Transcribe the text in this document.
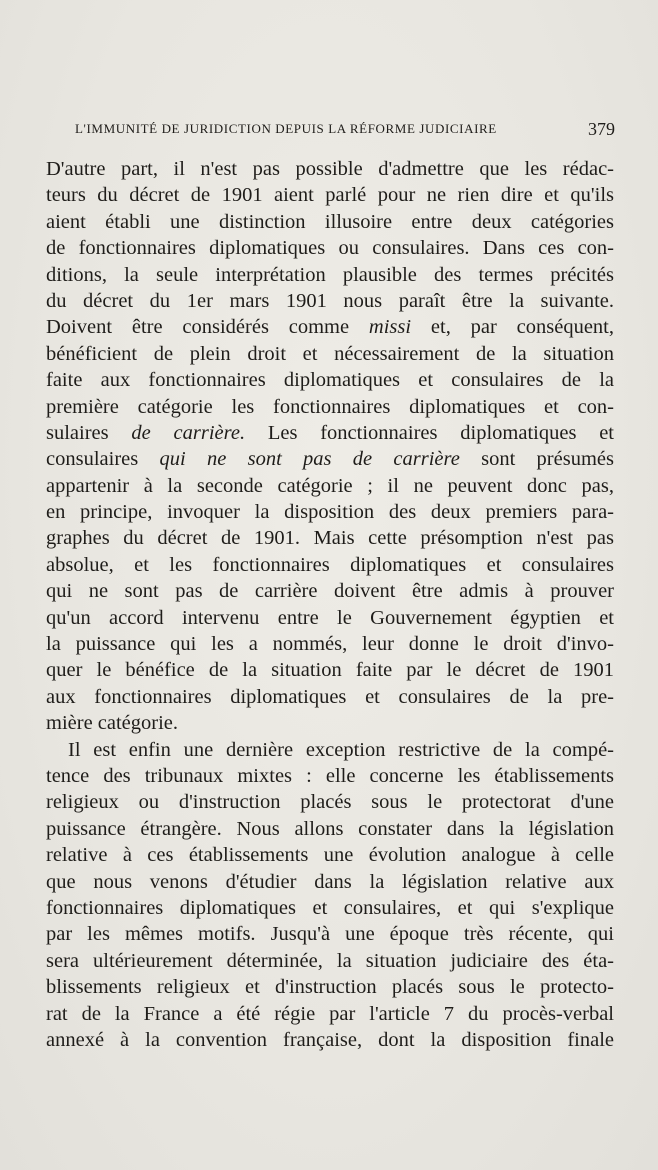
L'IMMUNITÉ DE JURIDICTION DEPUIS LA RÉFORME JUDICIAIRE	379
D'autre part, il n'est pas possible d'admettre que les rédac-
teurs du décret de 1901 aient parlé pour ne rien dire et qu'ils
aient établi une distinction illusoire entre deux catégories
de fonctionnaires diplomatiques ou consulaires. Dans ces con-
ditions, la seule interprétation plausible des termes précités
du décret du 1er mars 1901 nous paraît être la suivante.
Doivent être considérés comme missi et, par conséquent,
bénéficient de plein droit et nécessairement de la situation
faite aux fonctionnaires diplomatiques et consulaires de la
première catégorie les fonctionnaires diplomatiques et con-
sulaires de carrière. Les fonctionnaires diplomatiques et
consulaires qui ne sont pas de carrière sont présumés
appartenir à la seconde catégorie ; il ne peuvent donc pas,
en principe, invoquer la disposition des deux premiers para-
graphes du décret de 1901. Mais cette présomption n'est pas
absolue, et les fonctionnaires diplomatiques et consulaires
qui ne sont pas de carrière doivent être admis à prouver
qu'un accord intervenu entre le Gouvernement égyptien et
la puissance qui les a nommés, leur donne le droit d'invo-
quer le bénéfice de la situation faite par le décret de 1901
aux fonctionnaires diplomatiques et consulaires de la pre-
mière catégorie.
Il est enfin une dernière exception restrictive de la compé-
tence des tribunaux mixtes : elle concerne les établissements
religieux ou d'instruction placés sous le protectorat d'une
puissance étrangère. Nous allons constater dans la législation
relative à ces établissements une évolution analogue à celle
que nous venons d'étudier dans la législation relative aux
fonctionnaires diplomatiques et consulaires, et qui s'explique
par les mêmes motifs. Jusqu'à une époque très récente, qui
sera ultérieurement déterminée, la situation judiciaire des éta-
blissements religieux et d'instruction placés sous le protecto-
rat de la France a été régie par l'article 7 du procès-verbal
annexé à la convention française, dont la disposition finale
